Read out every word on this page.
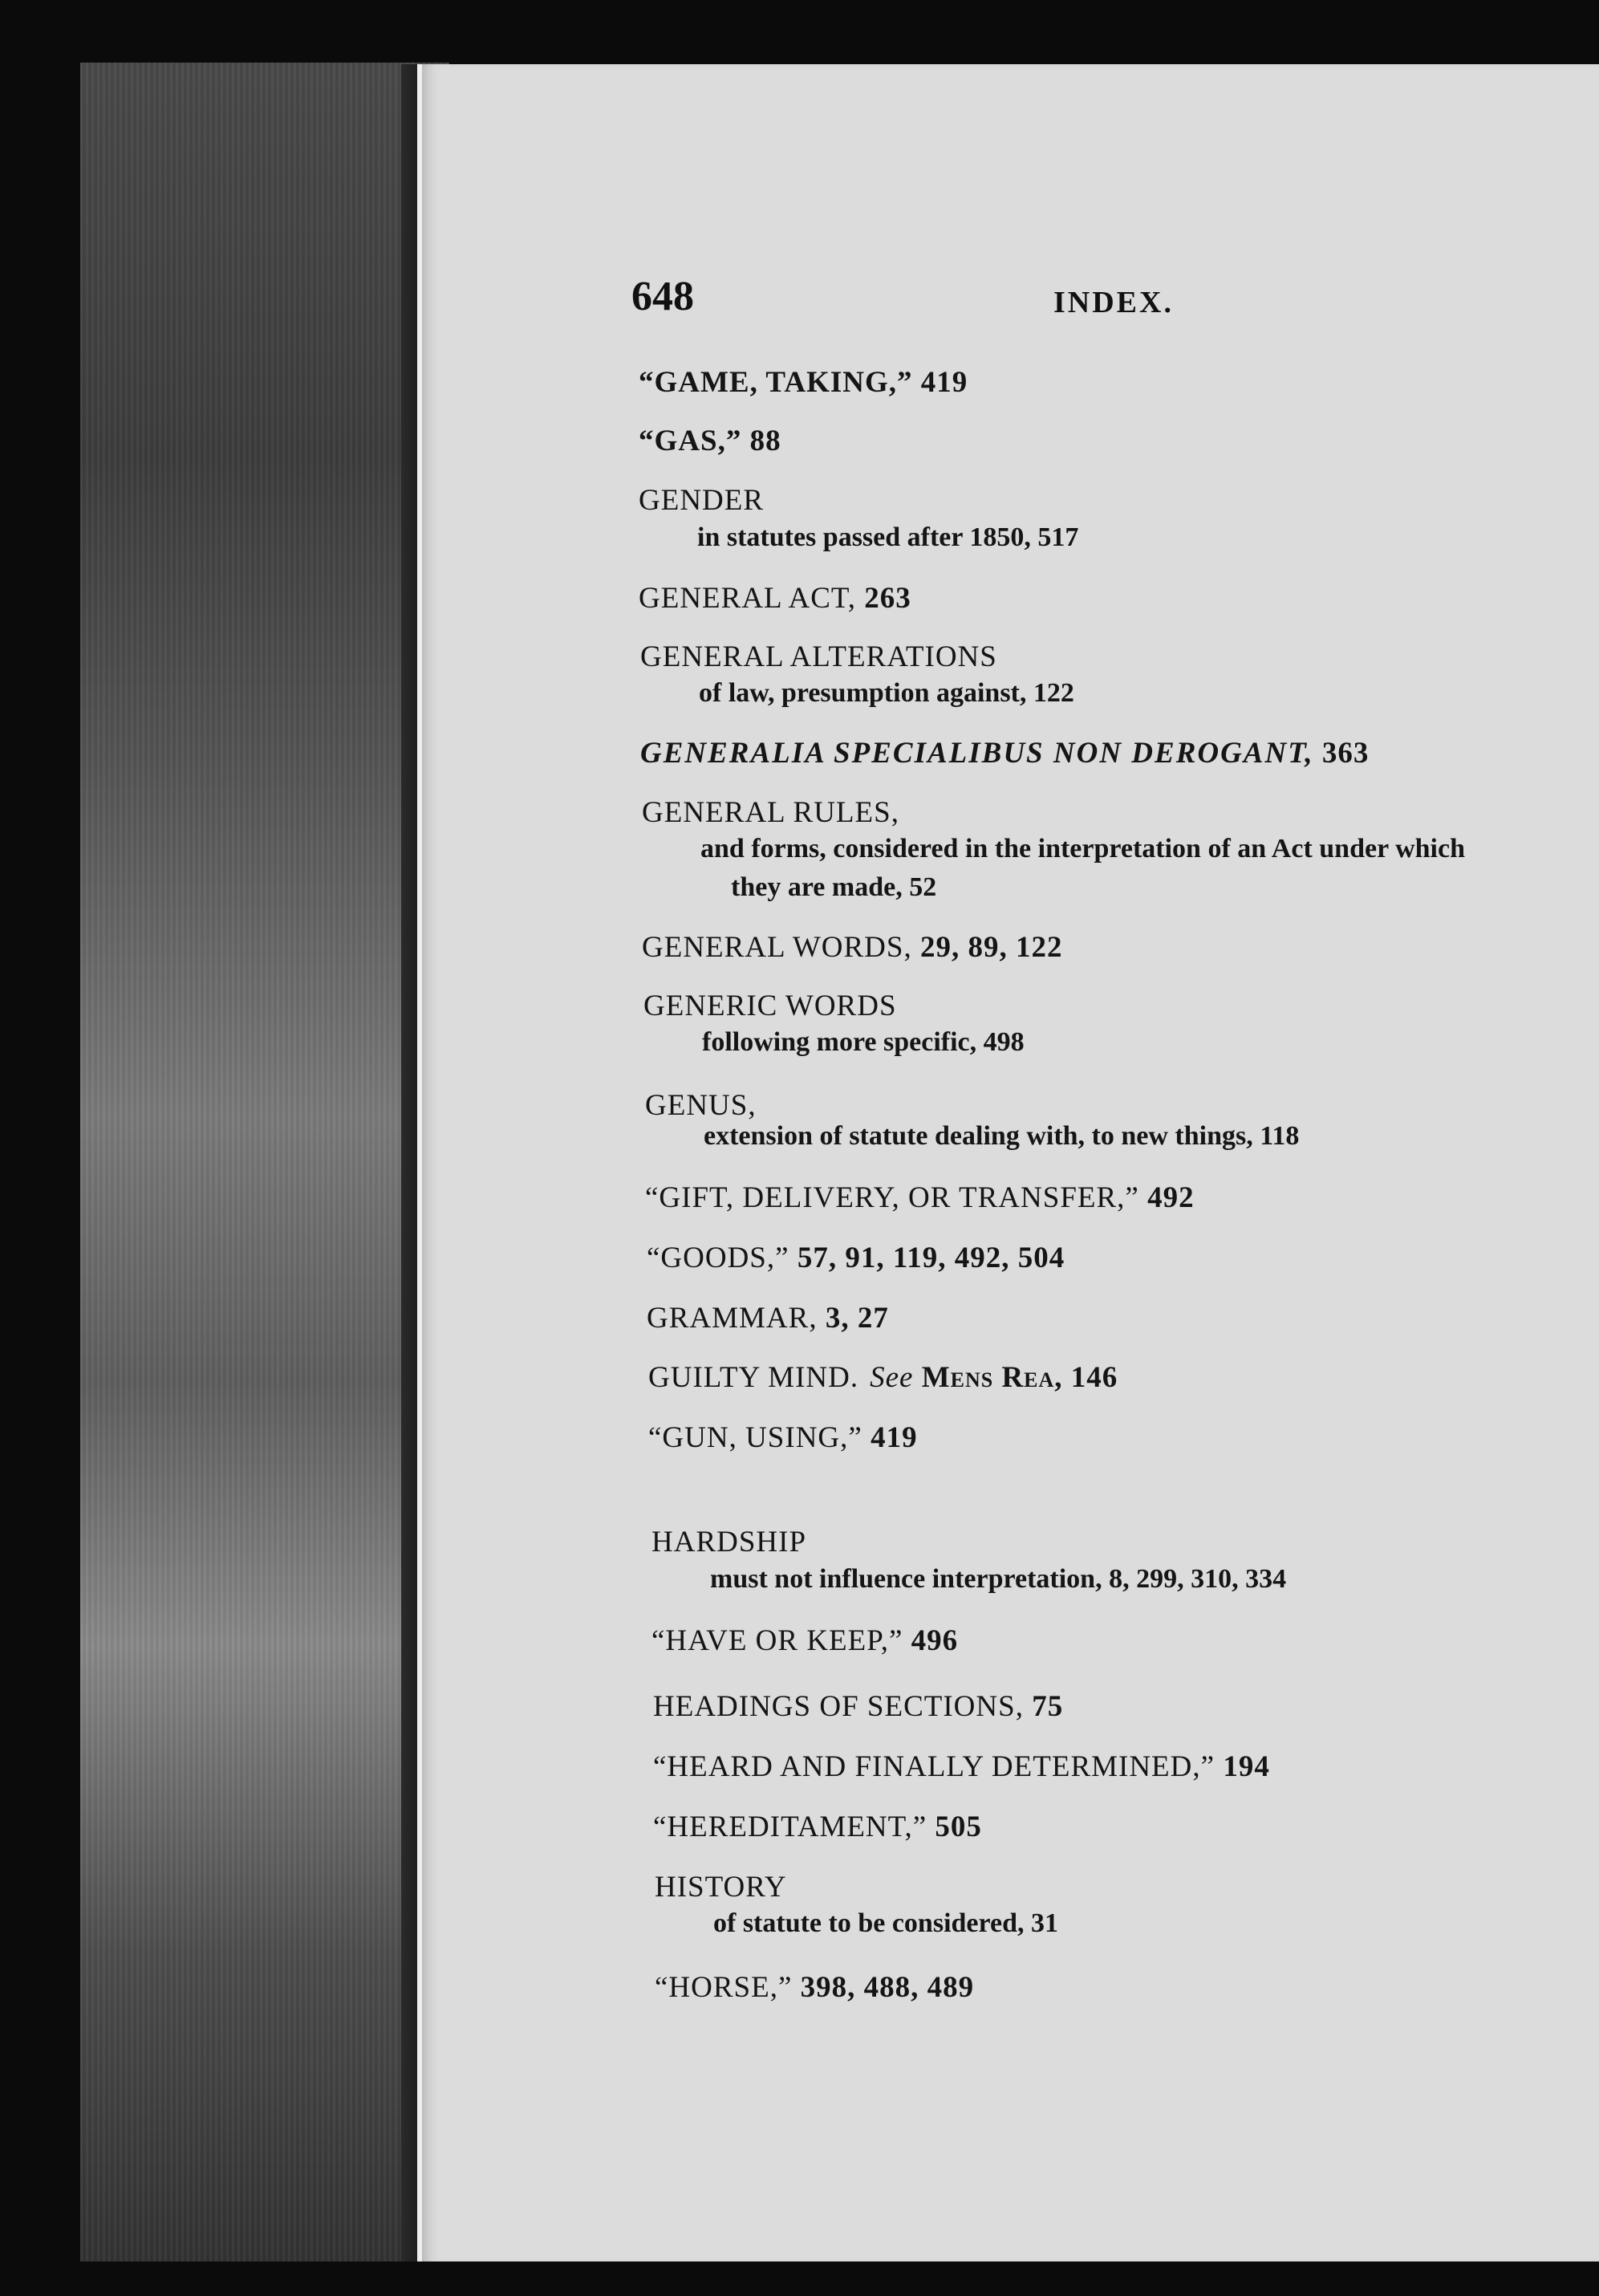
648	INDEX.
“GAME, TAKING,” 419
“GAS,” 88
GENDER
in statutes passed after 1850, 517
GENERAL ACT, 263
GENERAL ALTERATIONS
of law, presumption against, 122
GENERALIA SPECIALIBUS NON DEROGANT, 363
GENERAL RULES,
and forms, considered in the interpretation of an Act under which
they are made, 52
GENERAL WORDS, 29, 89, 122
GENERIC WORDS
following more specific, 498
GENUS,
extension of statute dealing with, to new things, 118
“GIFT, DELIVERY, OR TRANSFER,” 492
“GOODS,” 57, 91, 119, 492, 504
GRAMMAR, 3, 27
GUILTY MIND. See Mens Rea, 146
“GUN, USING,” 419
HARDSHIP
must not influence interpretation, 8, 299, 310, 334
“HAVE OR KEEP,” 496
HEADINGS OF SECTIONS, 75
“HEARD AND FINALLY DETERMINED,” 194
“HEREDITAMENT,” 505
HISTORY
of statute to be considered, 31
“HORSE,” 398, 488, 489
